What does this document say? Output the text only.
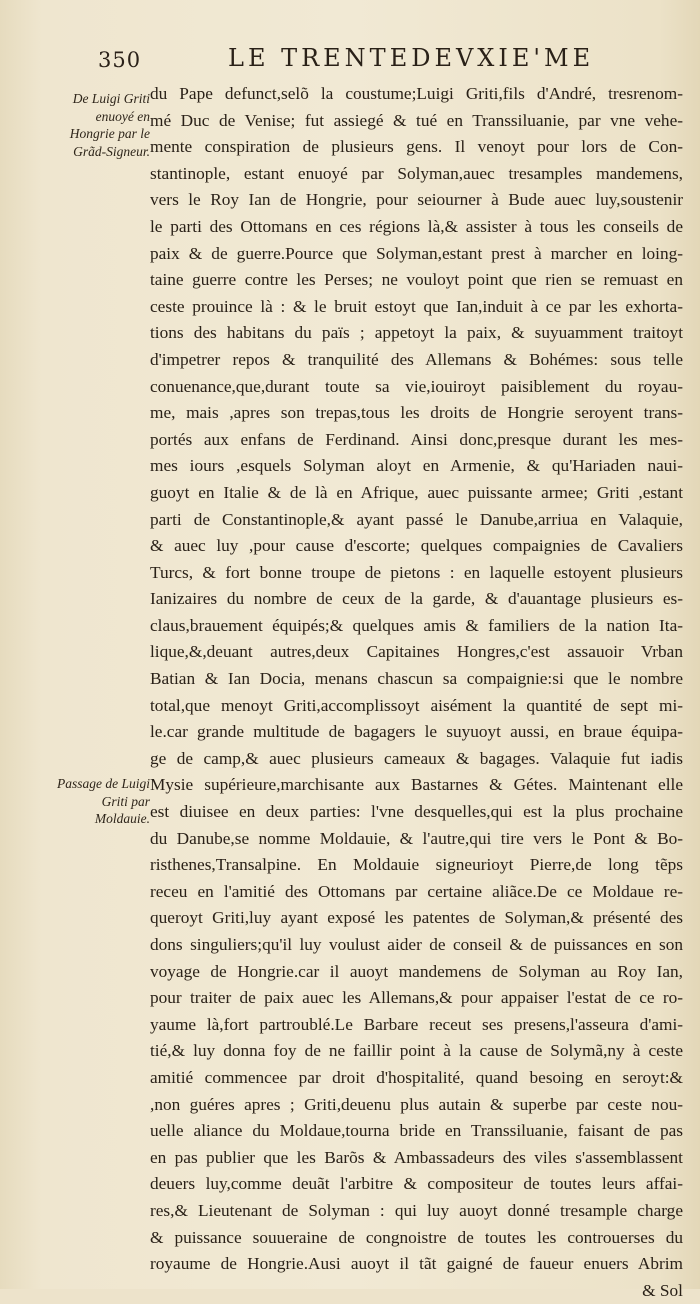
350	LE TRENTEDEVXIE'ME
De Luigi Griti enuoyé en Hongrie par le Grãd-Signeur.
Passage de Luigi Griti par Moldauie.
du Pape defunct,selõ la coustume;Luigi Griti,fils d'André, tresrenom-
mé Duc de Venise; fut assiegé & tué en Transsiluanie, par vne vehe-
mente conspiration de plusieurs gens. Il venoyt pour lors de Con-
stantinople, estant enuoyé par Solyman,auec tresamples mandemens,
vers le Roy Ian de Hongrie, pour seiourner à Bude auec luy,soustenir
le parti des Ottomans en ces régions là,& assister à tous les conseils de
paix & de guerre.Pource que Solyman,estant prest à marcher en loing-
taine guerre contre les Perses; ne vouloyt point que rien se remuast en
ceste prouince là : & le bruit estoyt que Ian,induit à ce par les exhorta-
tions des habitans du païs ; appetoyt la paix, & suyuamment traitoyt
d'impetrer repos & tranquilité des Allemans & Bohémes: sous telle
conuenance,que,durant toute sa vie,iouiroyt paisiblement du royau-
me, mais ,apres son trepas,tous les droits de Hongrie seroyent trans-
portés aux enfans de Ferdinand. Ainsi donc,presque durant les mes-
mes iours ,esquels Solyman aloyt en Armenie, & qu'Hariaden naui-
guoyt en Italie & de là en Afrique, auec puissante armee; Griti ,estant
parti de Constantinople,& ayant passé le Danube,arriua en Valaquie,
& auec luy ,pour cause d'escorte; quelques compaignies de Cavaliers
Turcs, & fort bonne troupe de pietons : en laquelle estoyent plusieurs
Ianizaires du nombre de ceux de la garde, & d'auantage plusieurs es-
claus,brauement équipés;& quelques amis & familiers de la nation Ita-
lique,&,deuant autres,deux Capitaines Hongres,c'est assauoir Vrban
Batian & Ian Docia, menans chascun sa compaignie:si que le nombre
total,que menoyt Griti,accomplissoyt aisément la quantité de sept mi-
le.car grande multitude de bagagers le suyuoyt aussi, en braue équipa-
ge de camp,& auec plusieurs cameaux & bagages. Valaquie fut iadis
Mysie supérieure,marchisante aux Bastarnes & Gétes. Maintenant elle
est diuisee en deux parties: l'vne desquelles,qui est la plus prochaine
du Danube,se nomme Moldauie, & l'autre,qui tire vers le Pont & Bo-
risthenes,Transalpine. En Moldauie signeurioyt Pierre,de long tẽps
receu en l'amitié des Ottomans par certaine aliãce.De ce Moldaue re-
queroyt Griti,luy ayant exposé les patentes de Solyman,& présenté des
dons singuliers;qu'il luy voulust aider de conseil & de puissances en son
voyage de Hongrie.car il auoyt mandemens de Solyman au Roy Ian,
pour traiter de paix auec les Allemans,& pour appaiser l'estat de ce ro-
yaume là,fort partroublé.Le Barbare receut ses presens,l'asseura d'ami-
tié,& luy donna foy de ne faillir point à la cause de Solymã,ny à ceste
amitié commencee par droit d'hospitalité, quand besoing en seroyt:&
,non guéres apres ; Griti,deuenu plus autain & superbe par ceste nou-
uelle aliance du Moldaue,tourna bride en Transsiluanie, faisant de pas
en pas publier que les Barõs & Ambassadeurs des viles s'assemblassent
deuers luy,comme deuãt l'arbitre & compositeur de toutes leurs affai-
res,& Lieutenant de Solyman : qui luy auoyt donné tresample charge
& puissance souueraine de congnoistre de toutes les controuerses du
royaume de Hongrie.Ausi auoyt il tãt gaigné de faueur enuers Abrim
& Sol
